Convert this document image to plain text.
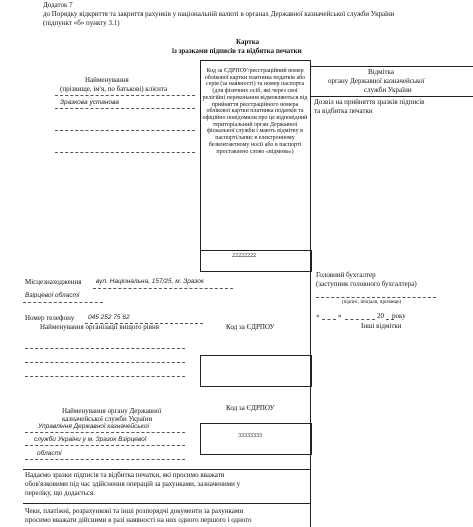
Додаток 7
до Порядку відкриття та закриття рахунків у національній валюті в органах Державної казначейської служби України
(підпункт «б» пункту 3.1)
Картка
із зразками підписів та відбитка печатки
Найменування
(прізвище, ім'я, по батькові) клієнта
Зразкова установа
Код за ЄДРПОУ/реєстраційний номер облікової картки платника податків або серія (за наявності) та номер паспорта (для фізичних осіб, які через свої релігійні переконання відмовляються від прийняття реєстраційного номера облікової картки платника податків та офіційно повідомили про це відповідний територіальний орган Державної фіскальної служби і мають відмітку в паспорті/запис в електронному безконтактному носії або в паспорті проставлено слово «відмова»)
22222222
Відмітка
органу Державної казначейської
служби України
Дозвіл на прийняття зразків підписів
та відбитка печатки
Місцезнаходження вул. Національна, 157/25, м. Зразок
Взірцевої області
Номер телефону 045 252 75 62
Головний бухгалтер
(заступник головного бухгалтера)
(підпис, ініціали, прізвище)
«	»	20 року
Інші відмітки
Найменування організації вищого рівня	Код за ЄДРПОУ
Найменування органу Державної
казначейської служби України
Код за ЄДРПОУ
Управління Державної казначейської
служби України у м. Зразок Взірцевої
області
33333333
Надаємо зразки підписів та відбитка печатки, які просимо вважати
обов'язковими під час здійснення операцій за рахунками, зазначеними у
переліку, що додається.
Чеки, платіжні, розрахункові та інші розпорядчі документи за рахунками
просимо вважати дійсними в разі наявності на них одного першого і одного
